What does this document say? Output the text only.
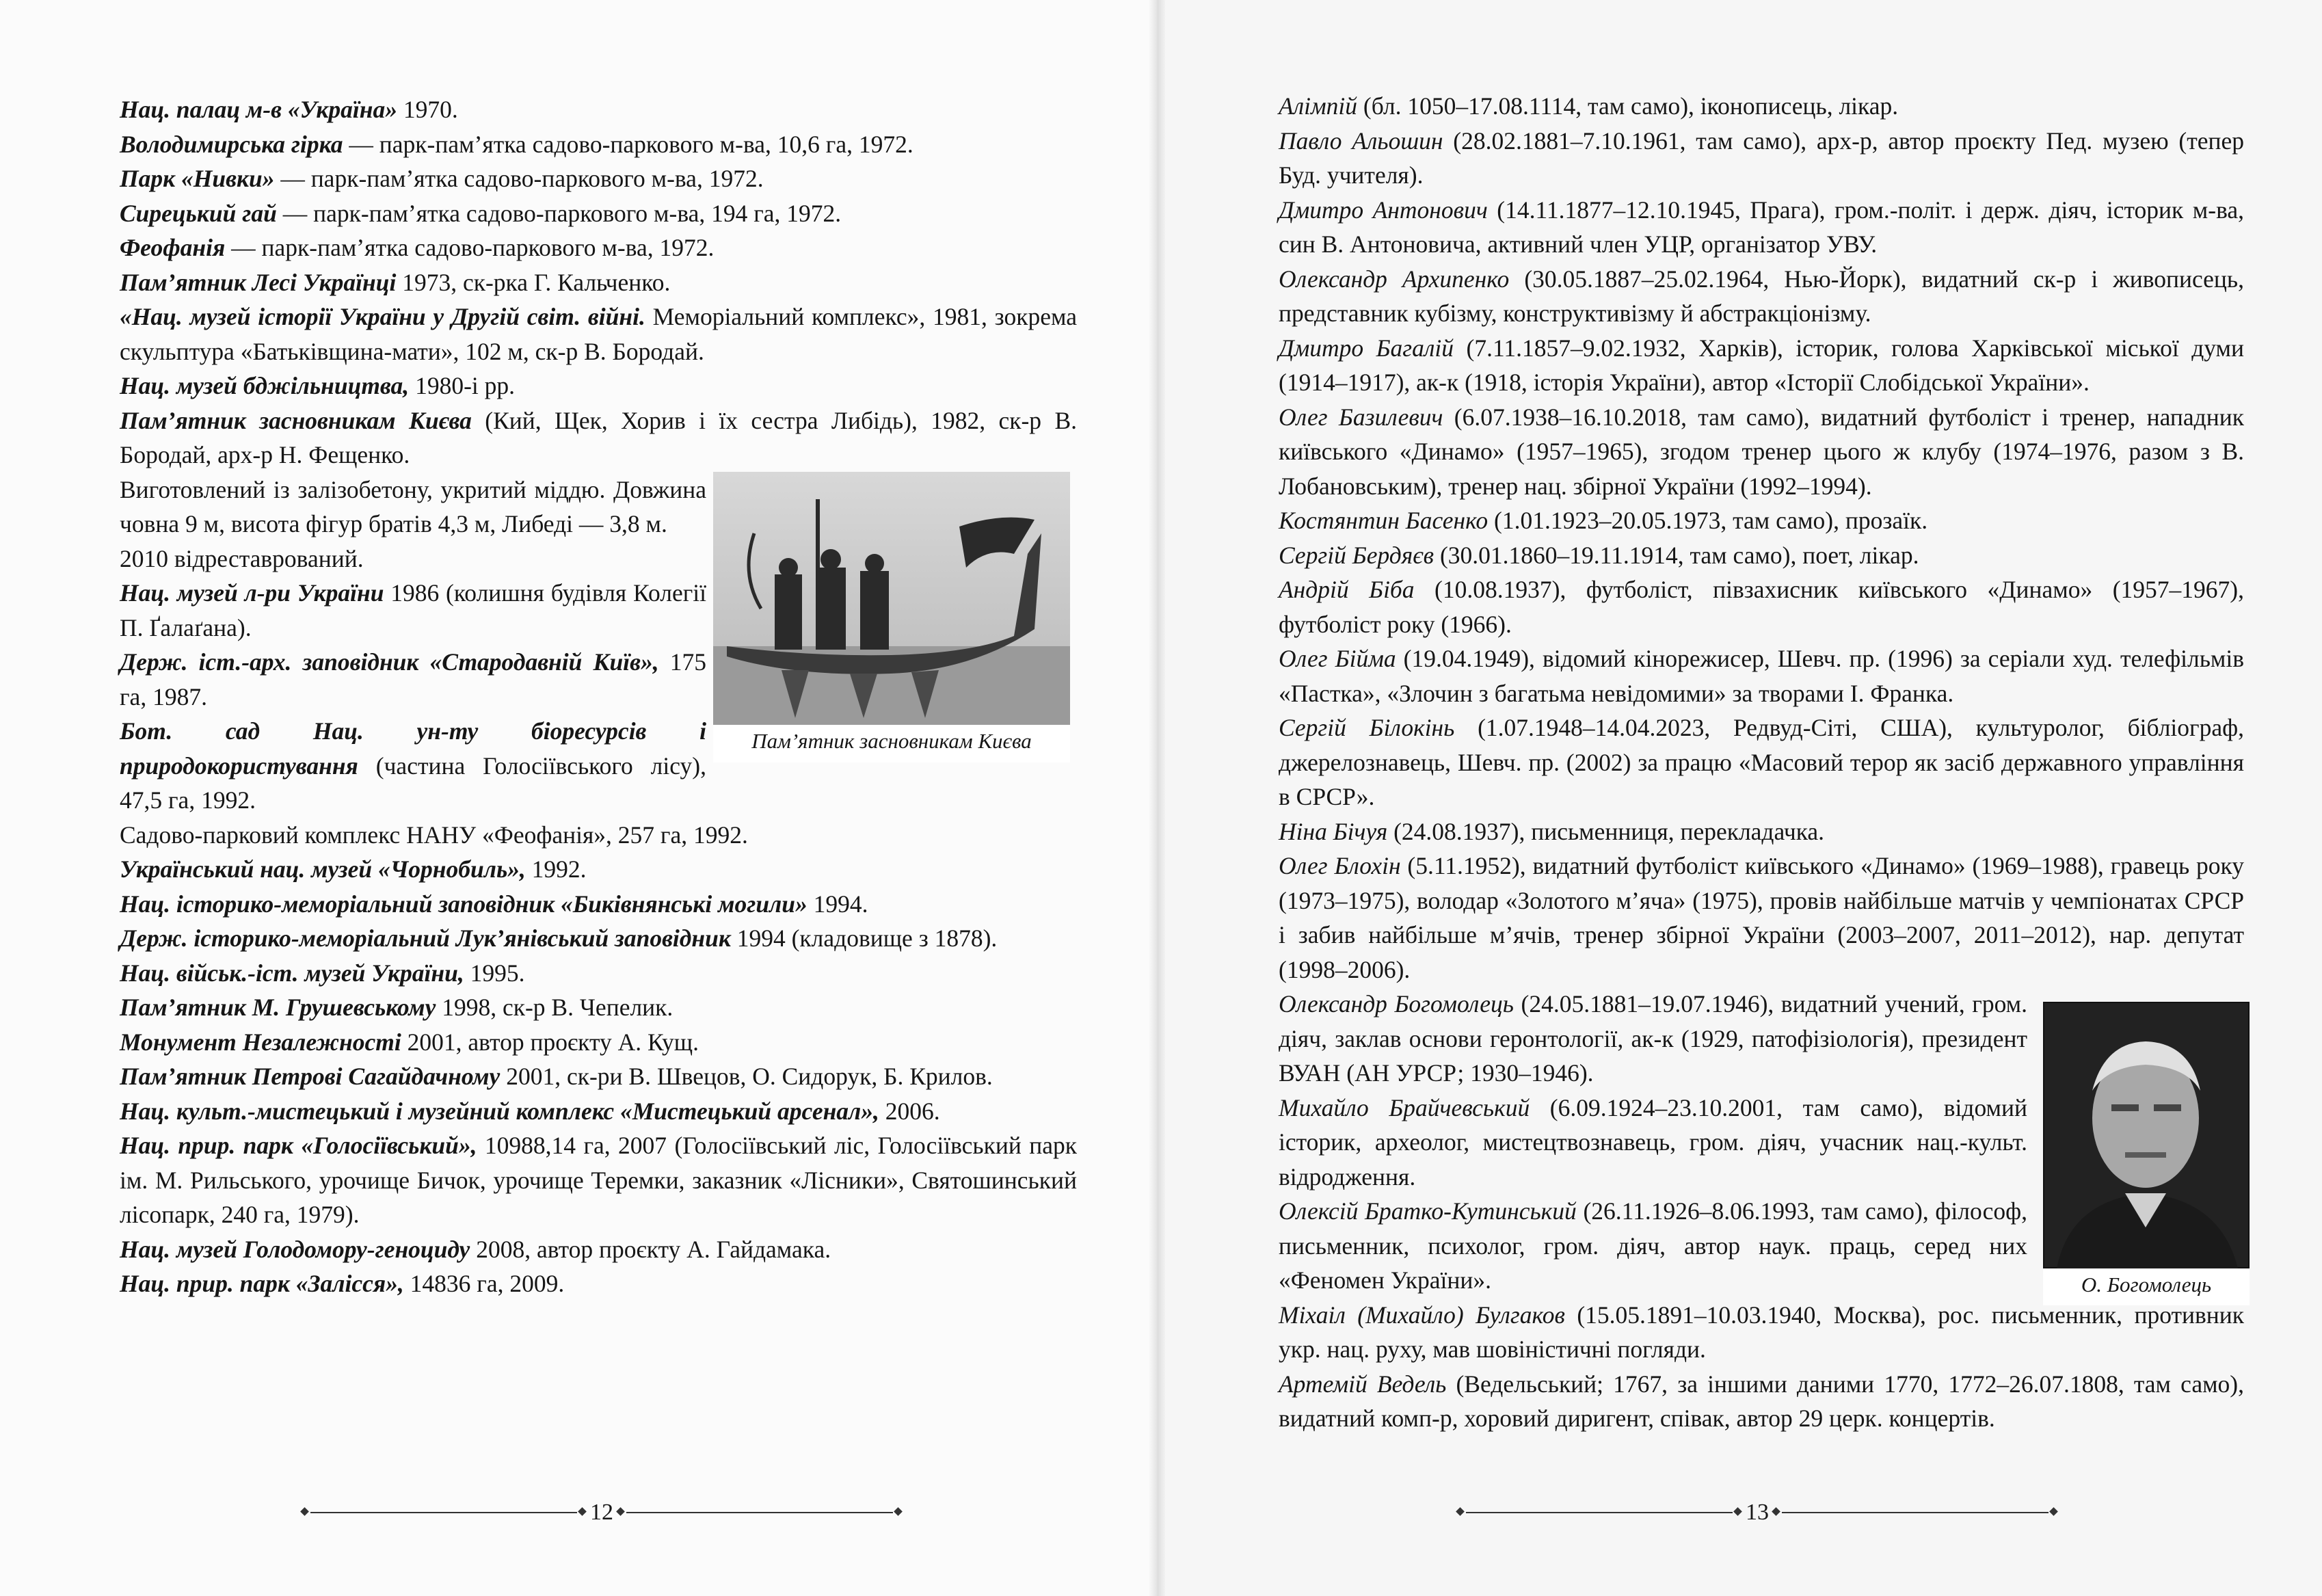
Пам’ятник засновникам Києва
О. Богомолець

Нац. палац м-в «Україна» 1970.

Володимирська гірка — парк-пам’ятка садово-паркового м-ва, 10,6 га, 1972.

Парк «Нивки» — парк-пам’ятка садово-паркового м-ва, 1972.

Сирецький гай — парк-пам’ятка садово-паркового м-ва, 194 га, 1972.

Феофанія — парк-пам’ятка садово-паркового м-ва, 1972.

Пам’ятник Лесі Українці 1973, ск-рка Г. Кальченко.

«Нац. музей історії України у Другій світ. війні. Меморіальний комплекс», 1981, зокрема скульптура «Батьківщина-мати», 102 м, ск-р В. Бородай.

Нац. музей бджільництва, 1980-і рр.

Пам’ятник засновникам Києва (Кий, Щек, Хорив і їх сестра Либідь), 1982, ск-р В. Бородай, арх-р Н. Фещенко.

Виготовлений із залізобетону, укритий міддю. Довжина човна 9 м, висота фігур братів 4,3 м, Либеді — 3,8 м.

2010 відреставрований.

Нац. музей л-ри України 1986 (колишня будівля Колегії П. Ґалаґана).

Держ. іст.-арх. заповідник «Стародавній Київ», 175 га, 1987.

Бот. сад Нац. ун-ту біоресурсів і природокористування (частина Голосіївського лісу), 47,5 га, 1992.

Садово-парковий комплекс НАНУ «Феофанія», 257 га, 1992.

Український нац. музей «Чорнобиль», 1992.

Нац. історико-меморіальний заповідник «Биківнянські могили» 1994.

Держ. історико-меморіальний Лук’янівський заповідник 1994 (кладовище з 1878).

Нац. військ.-іст. музей України, 1995.

Пам’ятник М. Грушевському 1998, ск-р В. Чепелик.

Монумент Незалежності 2001, автор проєкту А. Кущ.

Пам’ятник Петрові Сагайдачному 2001, ск-ри В. Швецов, О. Сидорук, Б. Крилов.

Нац. культ.-мистецький і музейний комплекс «Мистецький арсенал», 2006.

Нац. прир. парк «Голосіївський», 10988,14 га, 2007 (Голосіївський ліс, Голосіївський парк ім. М. Рильського, урочище Бичок, урочище Теремки, заказник «Лісники», Святошинський лісопарк, 240 га, 1979).

Нац. музей Голодомору-геноциду 2008, автор проєкту А. Гайдамака.

Нац. прир. парк «Залісся», 14836 га, 2009.

Алімпій (бл. 1050–17.08.1114, там само), іконописець, лікар.

Павло Альошин (28.02.1881–7.10.1961, там само), арх-р, автор проєкту Пед. музею (тепер Буд. учителя).

Дмитро Антонович (14.11.1877–12.10.1945, Прага), гром.-політ. і держ. діяч, історик м-ва, син В. Антоновича, активний член УЦР, організатор УВУ.

Олександр Архипенко (30.05.1887–25.02.1964, Нью-Йорк), видатний ск-р і живописець, представник кубізму, конструктивізму й абстракціонізму.

Дмитро Багалій (7.11.1857–9.02.1932, Харків), історик, голова Харківської міської думи (1914–1917), ак-к (1918, історія України), автор «Історії Слобідської України».

Олег Базилевич (6.07.1938–16.10.2018, там само), видатний футболіст і тренер, нападник київського «Динамо» (1957–1965), згодом тренер цього ж клубу (1974–1976, разом з В. Лобановським), тренер нац. збірної України (1992–1994).

Костянтин Басенко (1.01.1923–20.05.1973, там само), прозаїк.

Сергій Бердяєв (30.01.1860–19.11.1914, там само), поет, лікар.

Андрій Біба (10.08.1937), футболіст, півзахисник київського «Динамо» (1957–1967), футболіст року (1966).

Олег Бійма (19.04.1949), відомий кінорежисер, Шевч. пр. (1996) за серіали худ. телефільмів «Пастка», «Злочин з багатьма невідомими» за творами І. Франка.

Сергій Білокінь (1.07.1948–14.04.2023, Редвуд-Сіті, США), культуролог, бібліограф, джерелознавець, Шевч. пр. (2002) за працю «Масовий терор як засіб державного управління в СРСР».

Ніна Бічуя (24.08.1937), письменниця, перекладачка.

Олег Блохін (5.11.1952), видатний футболіст київського «Динамо» (1969–1988), гравець року (1973–1975), володар «Золотого м’яча» (1975), провів найбільше матчів у чемпіонатах СРСР і забив найбільше м’ячів, тренер збірної України (2003–2007, 2011–2012), нар. депутат (1998–2006).

Олександр Богомолець (24.05.1881–19.07.1946), видатний учений, гром. діяч, заклав основи геронтології, ак-к (1929, патофізіологія), президент ВУАН (АН УРСР; 1930–1946).

Михайло Брайчевський (6.09.1924–23.10.2001, там само), відомий історик, археолог, мистецтвознавець, гром. діяч, учасник нац.-культ. відродження.

Олексій Братко-Кутинський (26.11.1926–8.06.1993, там само), філософ, письменник, психолог, гром. діяч, автор наук. праць, серед них «Феномен України».

Міхаіл (Михайло) Булгаков (15.05.1891–10.03.1940, Москва), рос. письменник, противник укр. нац. руху, мав шовіністичні погляди.

Артемій Ведель (Ведельський; 1767, за іншими даними 1770, 1772–26.07.1808, там само), видатний комп-р, хоровий диригент, співак, автор 29 церк. концертів.

12	13
